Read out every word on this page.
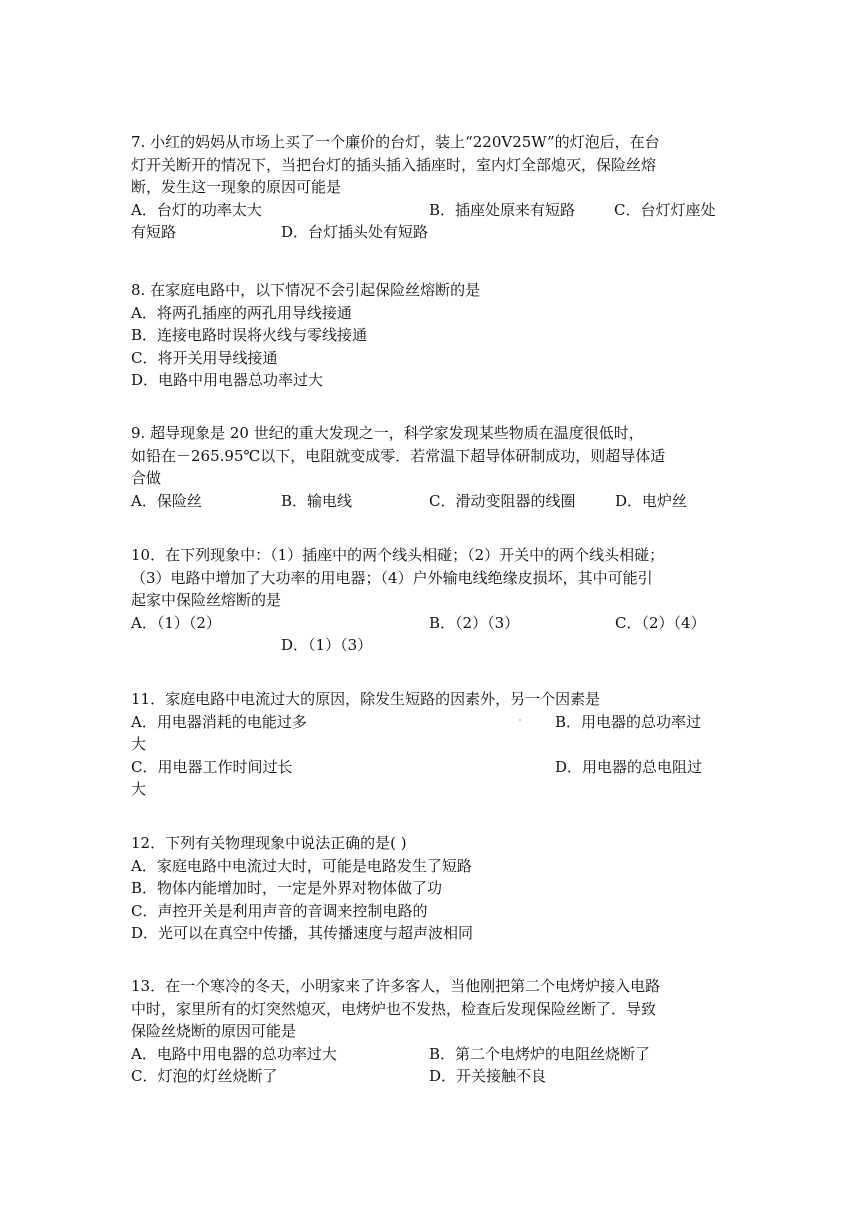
7. 小红的妈妈从市场上买了一个廉价的台灯，装上“220V25W”的灯泡后，在台
灯开关断开的情况下，当把台灯的插头插入插座时，室内灯全部熄灭，保险丝熔
断，发生这一现象的原因可能是
A．台灯的功率太大	B．插座处原来有短路	C．台灯灯座处
有短路	D．台灯插头处有短路
8. 在家庭电路中，以下情况不会引起保险丝熔断的是
A．将两孔插座的两孔用导线接通
B．连接电路时误将火线与零线接通
C．将开关用导线接通
D．电路中用电器总功率过大
9. 超导现象是 20 世纪的重大发现之一，科学家发现某些物质在温度很低时，
如铅在－265.95℃以下，电阻就变成零．若常温下超导体研制成功，则超导体适
合做
A．保险丝	B．输电线	C．滑动变阻器的线圈	D．电炉丝
10．在下列现象中：（1）插座中的两个线头相碰；（2）开关中的两个线头相碰；
（3）电路中增加了大功率的用电器；（4）户外输电线绝缘皮损坏，其中可能引
起家中保险丝熔断的是
A．（1）（2）	B．（2）（3）	C．（2）（4）
D．（1）（3）
11．家庭电路中电流过大的原因，除发生短路的因素外，另一个因素是
A．用电器消耗的电能过多	B．用电器的总功率过
大
C．用电器工作时间过长	D．用电器的总电阻过
大
12．下列有关物理现象中说法正确的是( )
A．家庭电路中电流过大时，可能是电路发生了短路
B．物体内能增加时，一定是外界对物体做了功
C．声控开关是利用声音的音调来控制电路的
D．光可以在真空中传播，其传播速度与超声波相同
13．在一个寒冷的冬天，小明家来了许多客人，当他刚把第二个电烤炉接入电路
中时，家里所有的灯突然熄灭，电烤炉也不发热，检查后发现保险丝断了．导致
保险丝烧断的原因可能是
A．电路中用电器的总功率过大	B．第二个电烤炉的电阻丝烧断了
C．灯泡的灯丝烧断了	D．开关接触不良
